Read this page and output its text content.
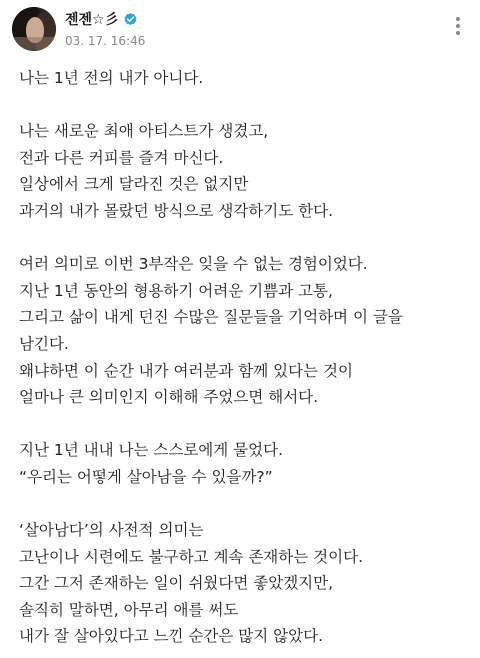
젠젠☆彡
03. 17. 16:46
나는 1년 전의 내가 아니다.
나는 새로운 최애 아티스트가 생겼고,
전과 다른 커피를 즐겨 마신다.
일상에서 크게 달라진 것은 없지만
과거의 내가 몰랐던 방식으로 생각하기도 한다.
여러 의미로 이번 3부작은 잊을 수 없는 경험이었다.
지난 1년 동안의 형용하기 어려운 기쁨과 고통,
그리고 삶이 내게 던진 수많은 질문들을 기억하며 이 글을
남긴다.
왜냐하면 이 순간 내가 여러분과 함께 있다는 것이
얼마나 큰 의미인지 이해해 주었으면 해서다.
지난 1년 내내 나는 스스로에게 물었다.
“우리는 어떻게 살아남을 수 있을까?”
‘살아남다’의 사전적 의미는
고난이나 시련에도 불구하고 계속 존재하는 것이다.
그간 그저 존재하는 일이 쉬웠다면 좋았겠지만,
솔직히 말하면, 아무리 애를 써도
내가 잘 살아있다고 느낀 순간은 많지 않았다.
